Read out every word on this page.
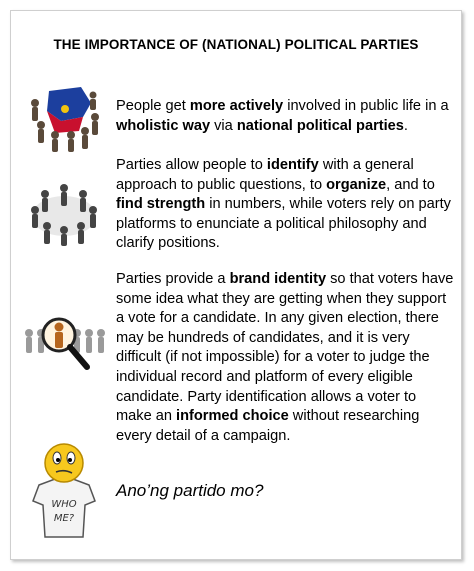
THE IMPORTANCE OF (NATIONAL) POLITICAL PARTIES
People get more actively involved in public life in a wholistic way via national political parties.
Parties allow people to identify with a general approach to public questions, to organize, and to find strength in numbers, while voters rely on party platforms to enunciate a political philosophy and clarify positions.
Parties provide a brand identity so that voters have some idea what they are getting when they support a vote for a candidate. In any given election, there may be hundreds of candidates, and it is very difficult (if not impossible) for a voter to judge the individual record and platform of every eligible candidate. Party identification allows a voter to make an informed choice without researching every detail of a campaign.
WHO
ME?
Ano’ng partido mo?
